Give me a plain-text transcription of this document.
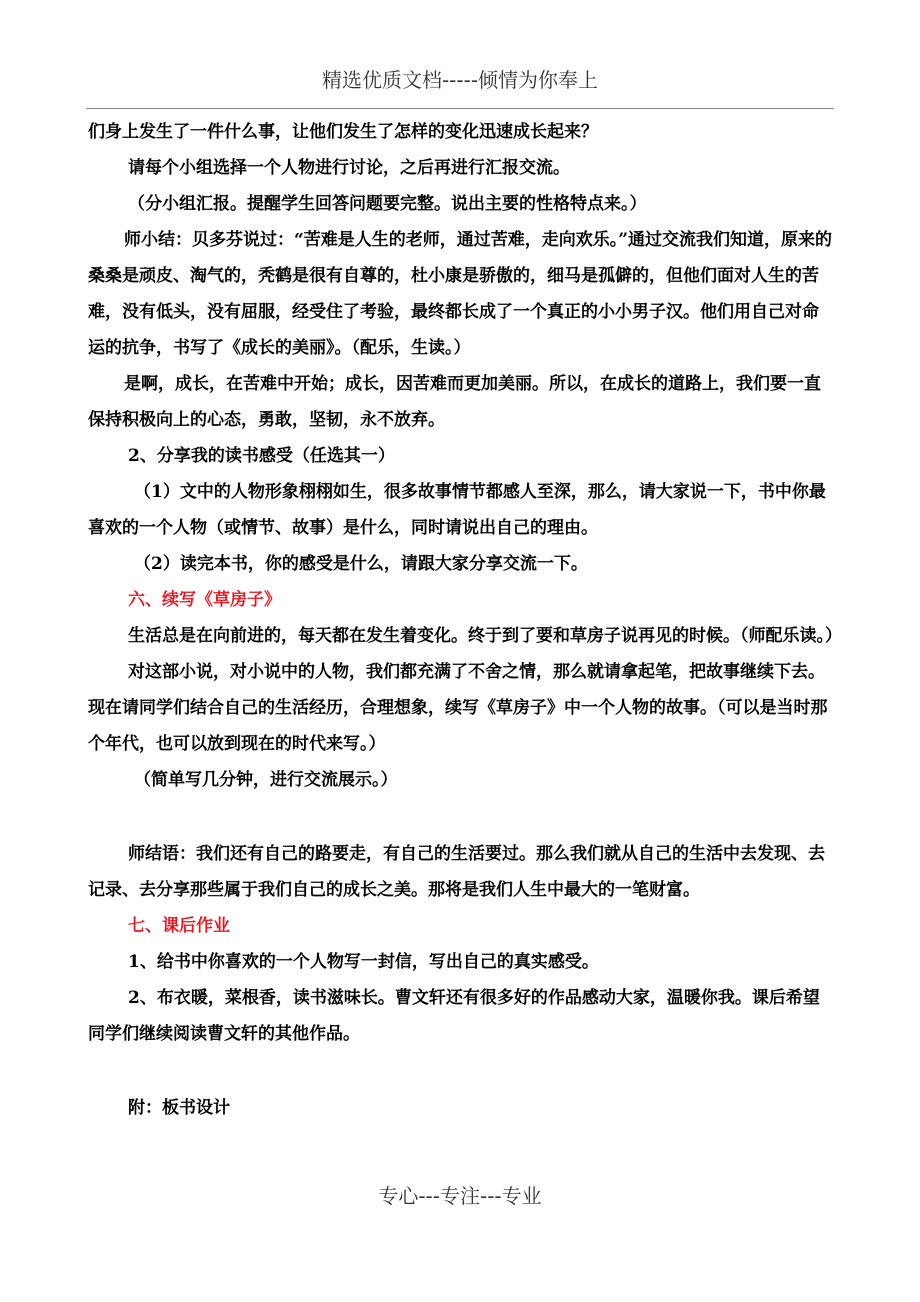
精选优质文档-----倾情为你奉上

们身上发生了一件什么事，让他们发生了怎样的变化迅速成长起来？

请每个小组选择一个人物进行讨论，之后再进行汇报交流。

（分小组汇报。提醒学生回答问题要完整。说出主要的性格特点来。）

师小结：贝多芬说过：“苦难是人生的老师，通过苦难，走向欢乐。”通过交流我们知道，原来的桑桑是顽皮、淘气的，秃鹤是很有自尊的，杜小康是骄傲的，细马是孤僻的，但他们面对人生的苦难，没有低头，没有屈服，经受住了考验，最终都长成了一个真正的小小男子汉。他们用自己对命运的抗争，书写了《成长的美丽》。（配乐，生读。）

是啊，成长，在苦难中开始；成长，因苦难而更加美丽。所以，在成长的道路上，我们要一直保持积极向上的心态，勇敢，坚韧，永不放弃。

2、分享我的读书感受（任选其一）

（1）文中的人物形象栩栩如生，很多故事情节都感人至深，那么，请大家说一下，书中你最喜欢的一个人物（或情节、故事）是什么，同时请说出自己的理由。

（2）读完本书，你的感受是什么，请跟大家分享交流一下。

六、续写《草房子》

生活总是在向前进的，每天都在发生着变化。终于到了要和草房子说再见的时候。（师配乐读。）

对这部小说，对小说中的人物，我们都充满了不舍之情，那么就请拿起笔，把故事继续下去。现在请同学们结合自己的生活经历，合理想象，续写《草房子》中一个人物的故事。（可以是当时那个年代，也可以放到现在的时代来写。）

（简单写几分钟，进行交流展示。）

师结语：我们还有自己的路要走，有自己的生活要过。那么我们就从自己的生活中去发现、去记录、去分享那些属于我们自己的成长之美。那将是我们人生中最大的一笔财富。

七、课后作业

1、给书中你喜欢的一个人物写一封信，写出自己的真实感受。

2、布衣暖，菜根香，读书滋味长。曹文轩还有很多好的作品感动大家，温暖你我。课后希望同学们继续阅读曹文轩的其他作品。

附：板书设计

专心---专注---专业
